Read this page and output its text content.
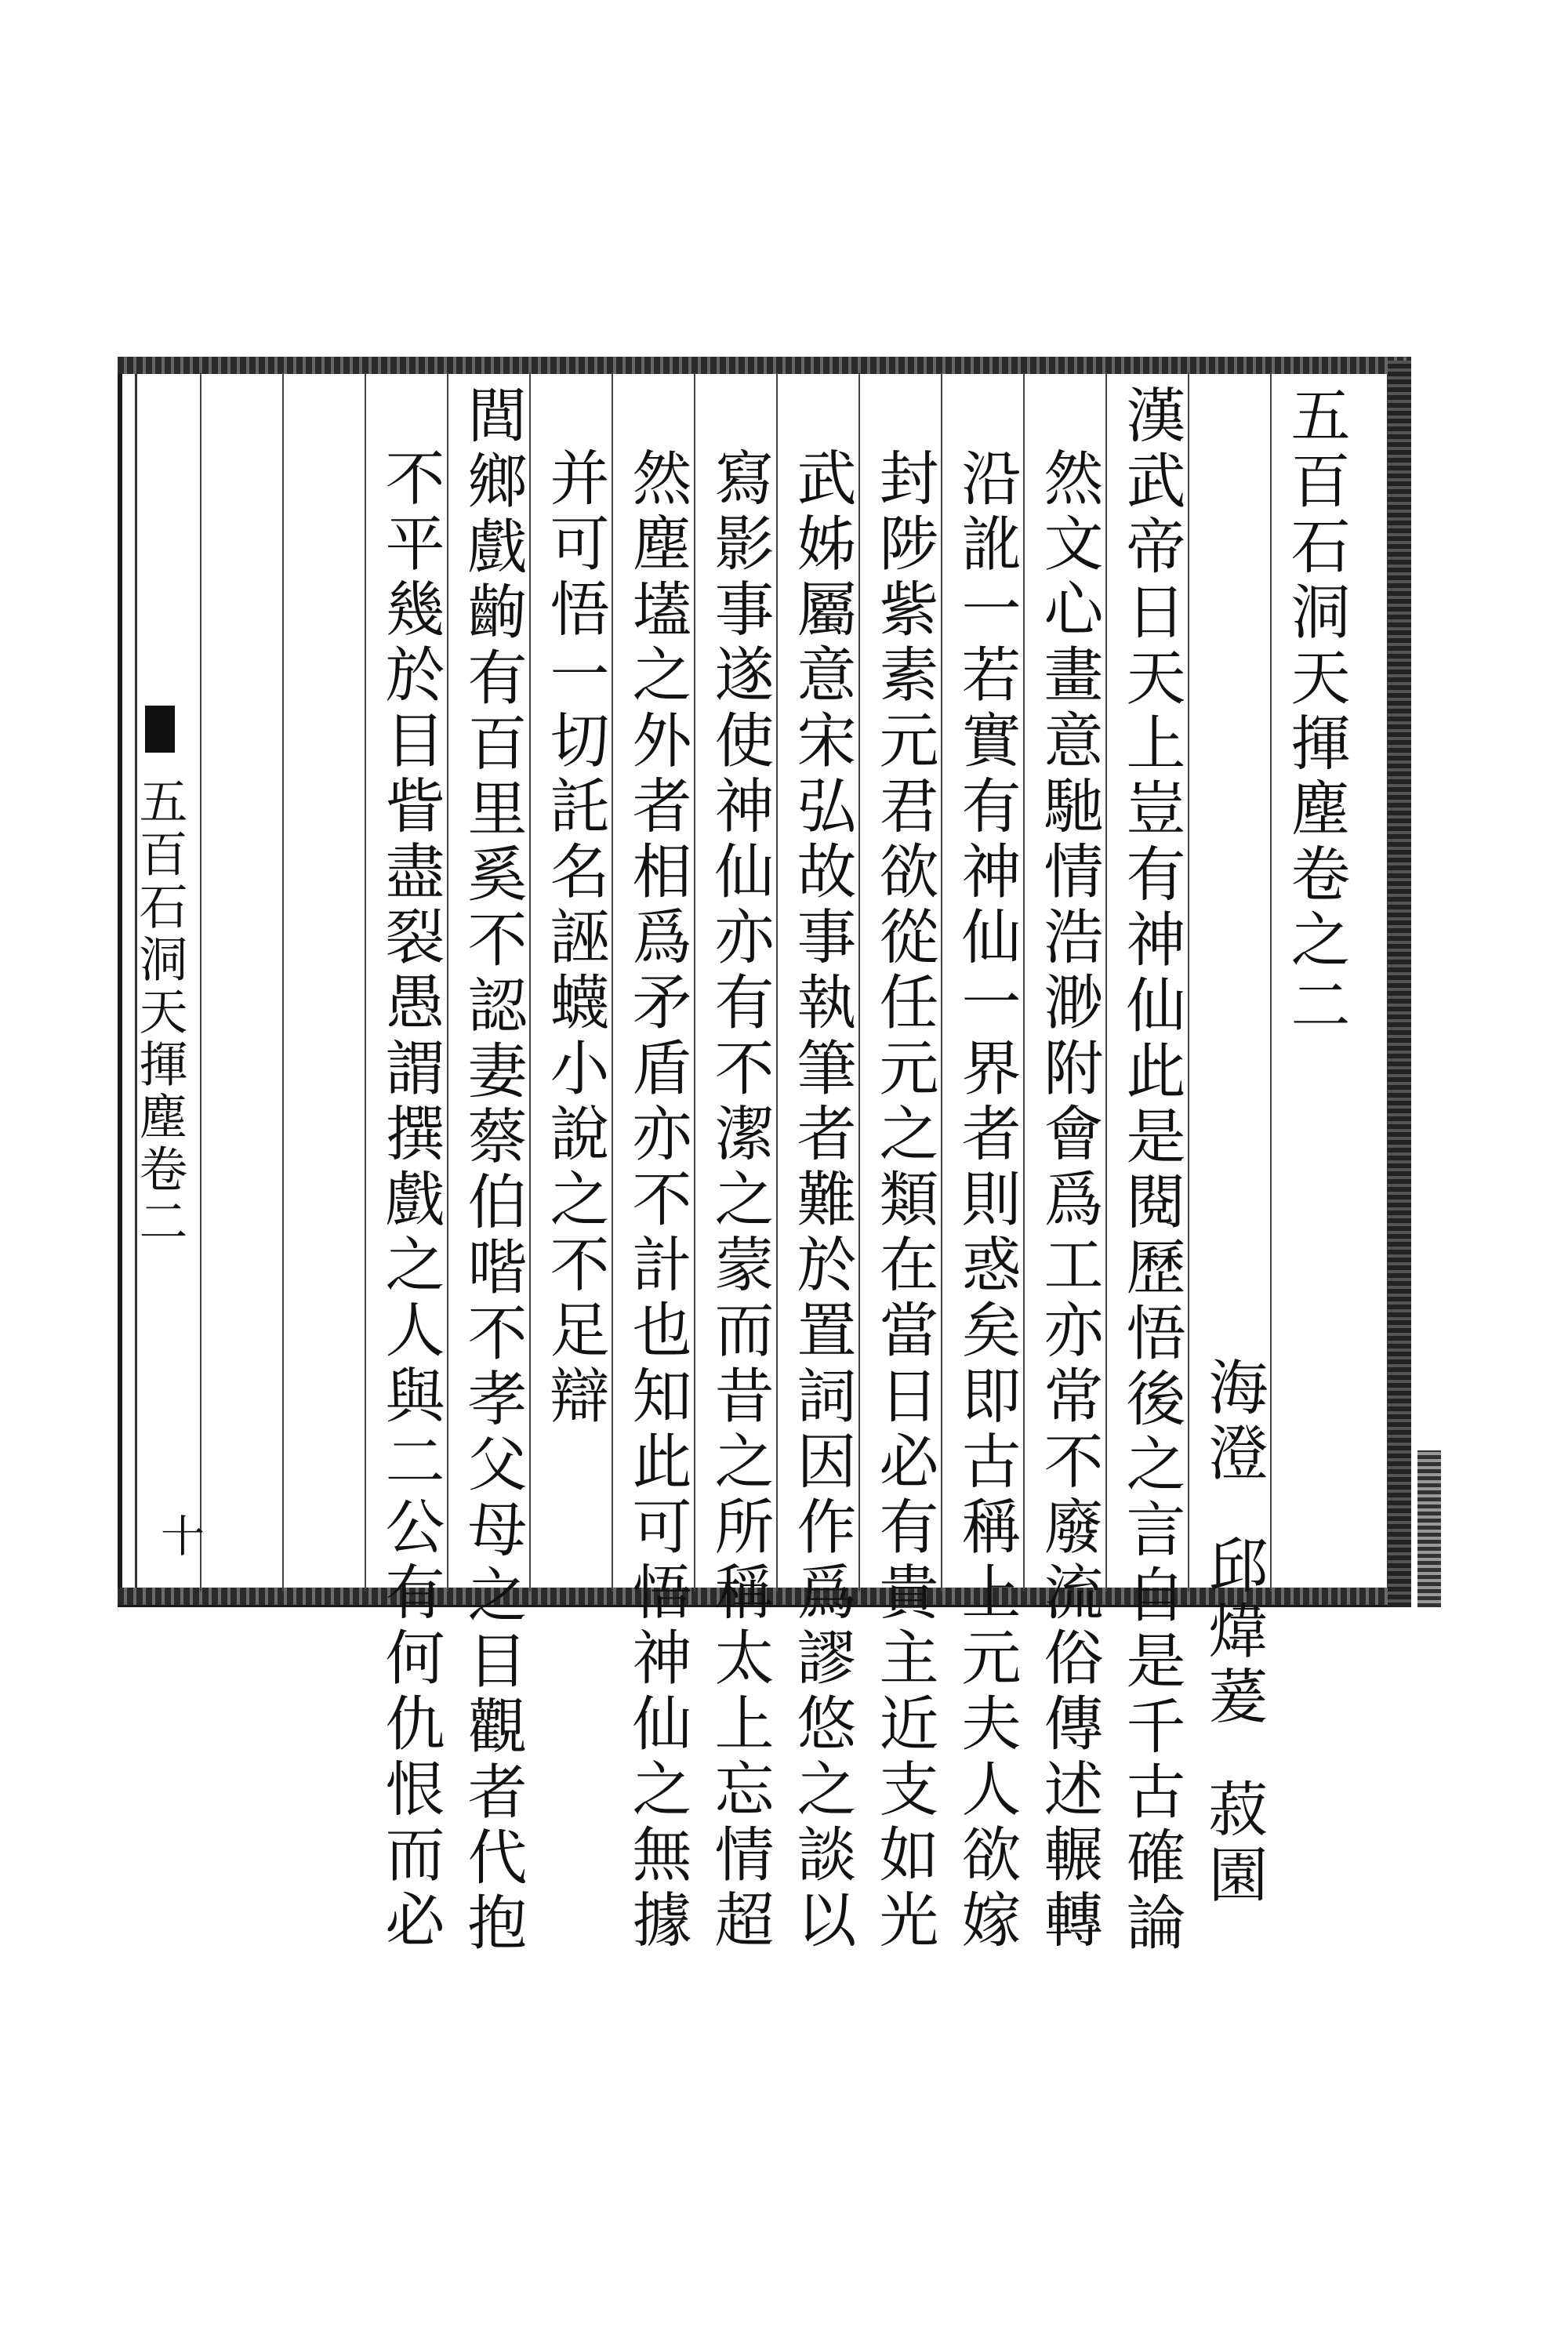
五百石洞天揮塵卷之二
海澄
邱煒萲
菽園
漢武帝日天上豈有神仙此是閱歷悟後之言自是千古確論
然文心畫意馳情浩渺附會爲工亦常不廢流俗傳述輾轉
沿訛一若實有神仙一界者則惑矣即古稱上元夫人欲嫁
封陟紫素元君欲從任元之類在當日必有貴主近支如光
武姊屬意宋弘故事執筆者難於置詞因作爲謬悠之談以
寫影事遂使神仙亦有不潔之蒙而昔之所稱太上忘情超
然塵壒之外者相爲矛盾亦不計也知此可悟神仙之無據
并可悟一切託名誣蠛小說之不足辯
閭鄉戲齣有百里奚不認妻蔡伯喈不孝父母之目觀者代抱
不平幾於目眥盡裂愚謂撰戲之人與二公有何仇恨而必
五百石洞天揮塵卷二
十
